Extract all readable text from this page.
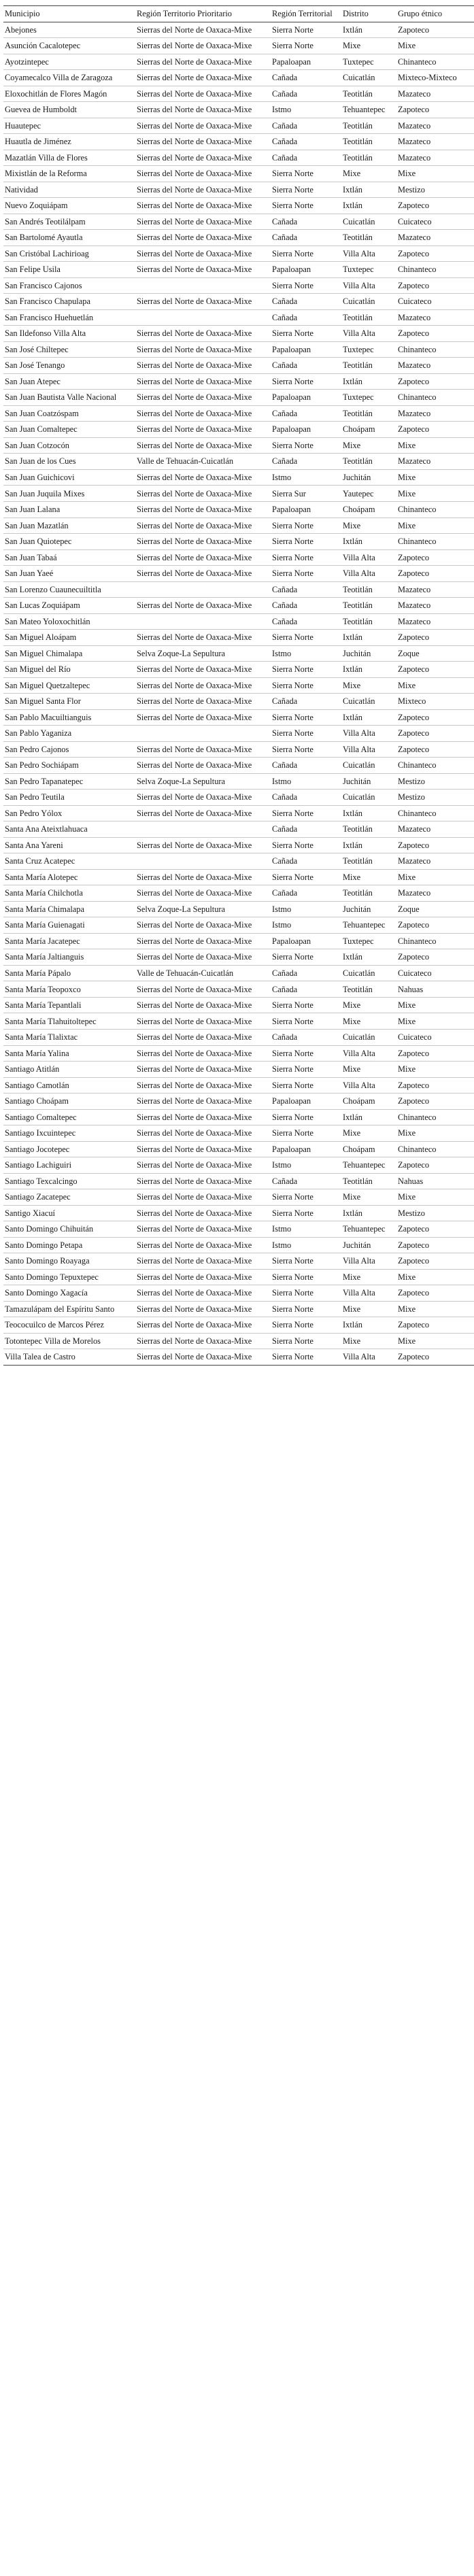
Municipio	Región Territorio Prioritario	Región Territorial	Distrito	Grupo étnico
Abejones	Sierras del Norte de Oaxaca-Mixe	Sierra Norte	Ixtlán	Zapoteco
Asunción Cacalotepec	Sierras del Norte de Oaxaca-Mixe	Sierra Norte	Mixe	Mixe
Ayotzintepec	Sierras del Norte de Oaxaca-Mixe	Papaloapan	Tuxtepec	Chinanteco
Coyamecalco Villa de Zaragoza	Sierras del Norte de Oaxaca-Mixe	Cañada	Cuicatlán	Mixteco-Mixteco
Eloxochitlán de Flores Magón	Sierras del Norte de Oaxaca-Mixe	Cañada	Teotitlán	Mazateco
Guevea de Humboldt	Sierras del Norte de Oaxaca-Mixe	Istmo	Tehuantepec	Zapoteco
Huautepec	Sierras del Norte de Oaxaca-Mixe	Cañada	Teotitlán	Mazateco
Huautla de Jiménez	Sierras del Norte de Oaxaca-Mixe	Cañada	Teotitlán	Mazateco
Mazatlán Villa de Flores	Sierras del Norte de Oaxaca-Mixe	Cañada	Teotitlán	Mazateco
Mixistlán de la Reforma	Sierras del Norte de Oaxaca-Mixe	Sierra Norte	Mixe	Mixe
Natividad	Sierras del Norte de Oaxaca-Mixe	Sierra Norte	Ixtlán	Mestizo
Nuevo Zoquiápam	Sierras del Norte de Oaxaca-Mixe	Sierra Norte	Ixtlán	Zapoteco
San Andrés Teotilálpam	Sierras del Norte de Oaxaca-Mixe	Cañada	Cuicatlán	Cuicateco
San Bartolomé Ayautla	Sierras del Norte de Oaxaca-Mixe	Cañada	Teotitlán	Mazateco
San Cristóbal Lachirioag	Sierras del Norte de Oaxaca-Mixe	Sierra Norte	Villa Alta	Zapoteco
San Felipe Usila	Sierras del Norte de Oaxaca-Mixe	Papaloapan	Tuxtepec	Chinanteco
San Francisco Cajonos		Sierra Norte	Villa Alta	Zapoteco
San Francisco Chapulapa	Sierras del Norte de Oaxaca-Mixe	Cañada	Cuicatlán	Cuicateco
San Francisco Huehuetlán		Cañada	Teotitlán	Mazateco
San Ildefonso Villa Alta	Sierras del Norte de Oaxaca-Mixe	Sierra Norte	Villa Alta	Zapoteco
San José Chiltepec	Sierras del Norte de Oaxaca-Mixe	Papaloapan	Tuxtepec	Chinanteco
San José Tenango	Sierras del Norte de Oaxaca-Mixe	Cañada	Teotitlán	Mazateco
San Juan Atepec	Sierras del Norte de Oaxaca-Mixe	Sierra Norte	Ixtlán	Zapoteco
San Juan Bautista Valle Nacional	Sierras del Norte de Oaxaca-Mixe	Papaloapan	Tuxtepec	Chinanteco
San Juan Coatzóspam	Sierras del Norte de Oaxaca-Mixe	Cañada	Teotitlán	Mazateco
San Juan Comaltepec	Sierras del Norte de Oaxaca-Mixe	Papaloapan	Choápam	Zapoteco
San Juan Cotzocón	Sierras del Norte de Oaxaca-Mixe	Sierra Norte	Mixe	Mixe
San Juan de los Cues	Valle de Tehuacán-Cuicatlán	Cañada	Teotitlán	Mazateco
San Juan Guichicovi	Sierras del Norte de Oaxaca-Mixe	Istmo	Juchitán	Mixe
San Juan Juquila Mixes	Sierras del Norte de Oaxaca-Mixe	Sierra Sur	Yautepec	Mixe
San Juan Lalana	Sierras del Norte de Oaxaca-Mixe	Papaloapan	Choápam	Chinanteco
San Juan Mazatlán	Sierras del Norte de Oaxaca-Mixe	Sierra Norte	Mixe	Mixe
San Juan Quiotepec	Sierras del Norte de Oaxaca-Mixe	Sierra Norte	Ixtlán	Chinanteco
San Juan Tabaá	Sierras del Norte de Oaxaca-Mixe	Sierra Norte	Villa Alta	Zapoteco
San Juan Yaeé	Sierras del Norte de Oaxaca-Mixe	Sierra Norte	Villa Alta	Zapoteco
San Lorenzo Cuaunecuiltitla		Cañada	Teotitlán	Mazateco
San Lucas Zoquiápam	Sierras del Norte de Oaxaca-Mixe	Cañada	Teotitlán	Mazateco
San Mateo Yoloxochitlán		Cañada	Teotitlán	Mazateco
San Miguel Aloápam	Sierras del Norte de Oaxaca-Mixe	Sierra Norte	Ixtlán	Zapoteco
San Miguel Chimalapa	Selva Zoque-La Sepultura	Istmo	Juchitán	Zoque
San Miguel del Río	Sierras del Norte de Oaxaca-Mixe	Sierra Norte	Ixtlán	Zapoteco
San Miguel Quetzaltepec	Sierras del Norte de Oaxaca-Mixe	Sierra Norte	Mixe	Mixe
San Miguel Santa Flor	Sierras del Norte de Oaxaca-Mixe	Cañada	Cuicatlán	Mixteco
San Pablo Macuiltianguis	Sierras del Norte de Oaxaca-Mixe	Sierra Norte	Ixtlán	Zapoteco
San Pablo Yaganiza		Sierra Norte	Villa Alta	Zapoteco
San Pedro Cajonos	Sierras del Norte de Oaxaca-Mixe	Sierra Norte	Villa Alta	Zapoteco
San Pedro Sochiápam	Sierras del Norte de Oaxaca-Mixe	Cañada	Cuicatlán	Chinanteco
San Pedro Tapanatepec	Selva Zoque-La Sepultura	Istmo	Juchitán	Mestizo
San Pedro Teutila	Sierras del Norte de Oaxaca-Mixe	Cañada	Cuicatlán	Mestizo
San Pedro Yólox	Sierras del Norte de Oaxaca-Mixe	Sierra Norte	Ixtlán	Chinanteco
Santa Ana Ateixtlahuaca		Cañada	Teotitlán	Mazateco
Santa Ana Yareni	Sierras del Norte de Oaxaca-Mixe	Sierra Norte	Ixtlán	Zapoteco
Santa Cruz Acatepec		Cañada	Teotitlán	Mazateco
Santa María Alotepec	Sierras del Norte de Oaxaca-Mixe	Sierra Norte	Mixe	Mixe
Santa María Chilchotla	Sierras del Norte de Oaxaca-Mixe	Cañada	Teotitlán	Mazateco
Santa María Chimalapa	Selva Zoque-La Sepultura	Istmo	Juchitán	Zoque
Santa María Guienagati	Sierras del Norte de Oaxaca-Mixe	Istmo	Tehuantepec	Zapoteco
Santa María Jacatepec	Sierras del Norte de Oaxaca-Mixe	Papaloapan	Tuxtepec	Chinanteco
Santa María Jaltianguis	Sierras del Norte de Oaxaca-Mixe	Sierra Norte	Ixtlán	Zapoteco
Santa María Pápalo	Valle de Tehuacán-Cuicatlán	Cañada	Cuicatlán	Cuicateco
Santa María Teopoxco	Sierras del Norte de Oaxaca-Mixe	Cañada	Teotitlán	Nahuas
Santa María Tepantlali	Sierras del Norte de Oaxaca-Mixe	Sierra Norte	Mixe	Mixe
Santa María Tlahuitoltepec	Sierras del Norte de Oaxaca-Mixe	Sierra Norte	Mixe	Mixe
Santa María Tlalixtac	Sierras del Norte de Oaxaca-Mixe	Cañada	Cuicatlán	Cuicateco
Santa María Yalina	Sierras del Norte de Oaxaca-Mixe	Sierra Norte	Villa Alta	Zapoteco
Santiago Atitlán	Sierras del Norte de Oaxaca-Mixe	Sierra Norte	Mixe	Mixe
Santiago Camotlán	Sierras del Norte de Oaxaca-Mixe	Sierra Norte	Villa Alta	Zapoteco
Santiago Choápam	Sierras del Norte de Oaxaca-Mixe	Papaloapan	Choápam	Zapoteco
Santiago Comaltepec	Sierras del Norte de Oaxaca-Mixe	Sierra Norte	Ixtlán	Chinanteco
Santiago Ixcuintepec	Sierras del Norte de Oaxaca-Mixe	Sierra Norte	Mixe	Mixe
Santiago Jocotepec	Sierras del Norte de Oaxaca-Mixe	Papaloapan	Choápam	Chinanteco
Santiago Lachiguiri	Sierras del Norte de Oaxaca-Mixe	Istmo	Tehuantepec	Zapoteco
Santiago Texcalcingo	Sierras del Norte de Oaxaca-Mixe	Cañada	Teotitlán	Nahuas
Santiago Zacatepec	Sierras del Norte de Oaxaca-Mixe	Sierra Norte	Mixe	Mixe
Santigo Xiacuí	Sierras del Norte de Oaxaca-Mixe	Sierra Norte	Ixtlán	Mestizo
Santo Domingo Chihuitán	Sierras del Norte de Oaxaca-Mixe	Istmo	Tehuantepec	Zapoteco
Santo Domingo Petapa	Sierras del Norte de Oaxaca-Mixe	Istmo	Juchitán	Zapoteco
Santo Domingo Roayaga	Sierras del Norte de Oaxaca-Mixe	Sierra Norte	Villa Alta	Zapoteco
Santo Domingo Tepuxtepec	Sierras del Norte de Oaxaca-Mixe	Sierra Norte	Mixe	Mixe
Santo Domingo Xagacía	Sierras del Norte de Oaxaca-Mixe	Sierra Norte	Villa Alta	Zapoteco
Tamazulápam del Espíritu Santo	Sierras del Norte de Oaxaca-Mixe	Sierra Norte	Mixe	Mixe
Teococuilco de Marcos Pérez	Sierras del Norte de Oaxaca-Mixe	Sierra Norte	Ixtlán	Zapoteco
Totontepec Villa de Morelos	Sierras del Norte de Oaxaca-Mixe	Sierra Norte	Mixe	Mixe
Villa Talea de Castro	Sierras del Norte de Oaxaca-Mixe	Sierra Norte	Villa Alta	Zapoteco
